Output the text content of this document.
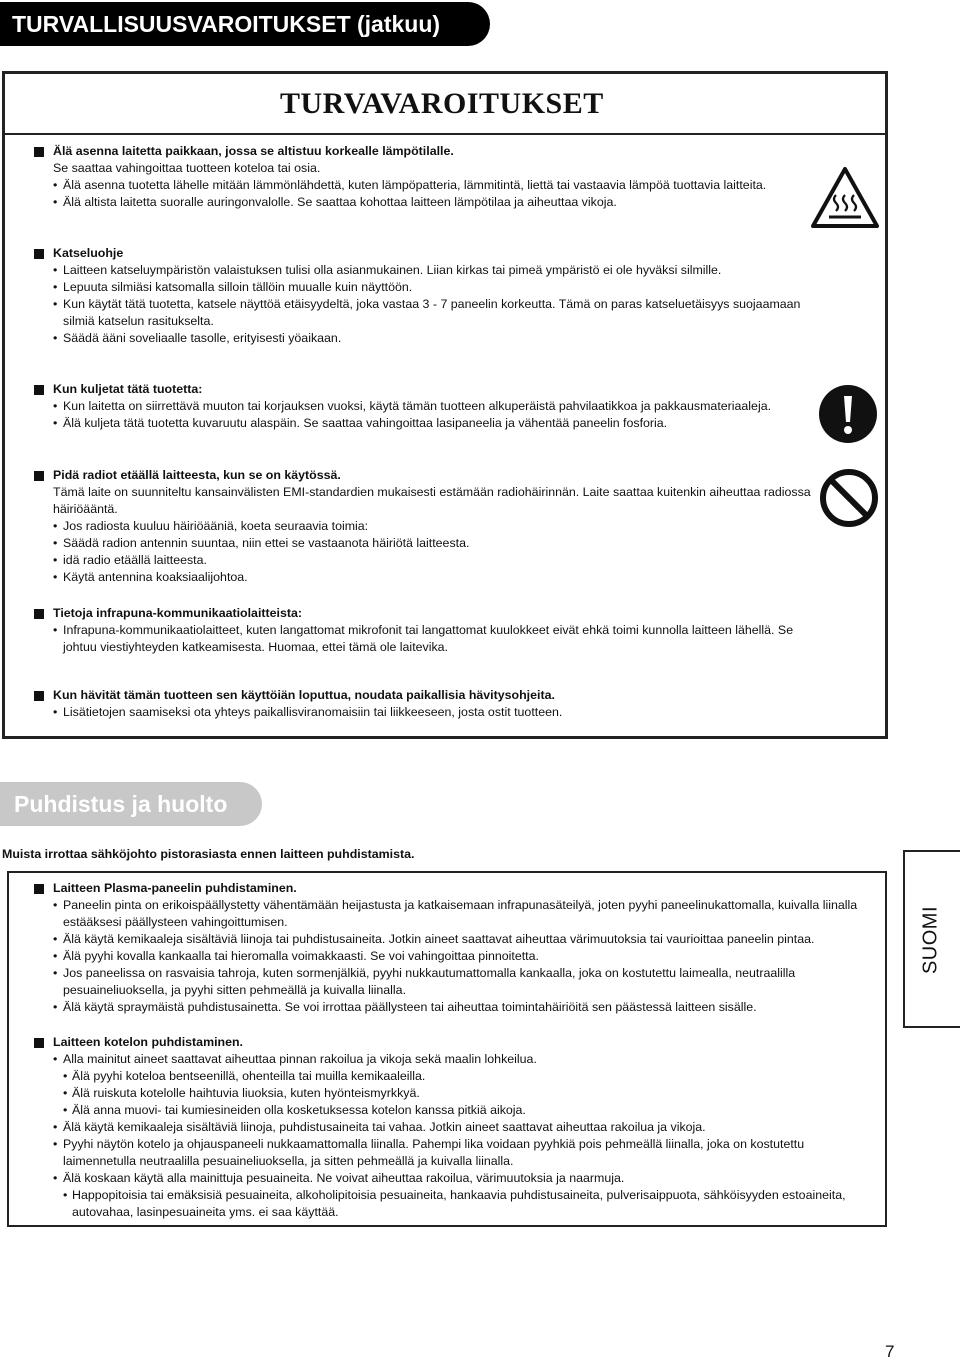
TURVALLISUUSVAROITUKSET (jatkuu)
TURVAVAROITUKSET
Älä asenna laitetta paikkaan, jossa se altistuu korkealle lämpötilalle.
Se saattaa vahingoittaa tuotteen koteloa tai osia.
• Älä asenna tuotetta lähelle mitään lämmönlähdettä, kuten lämpöpatteria, lämmitintä, liettä tai vastaavia lämpöä tuottavia laitteita.
• Älä altista laitetta suoralle auringonvalolle. Se saattaa kohottaa laitteen lämpötilaa ja aiheuttaa vikoja.
Katseluohje
• Laitteen katseluympäristön valaistuksen tulisi olla asianmukainen. Liian kirkas tai pimeä ympäristö ei ole hyväksi silmille.
• Lepuuta silmiäsi katsomalla silloin tällöin muualle kuin näyttöön.
• Kun käytät tätä tuotetta, katsele näyttöä etäisyydeltä, joka vastaa 3 - 7 paneelin korkeutta. Tämä on paras katseluetäisyys suojaamaan silmiä katselun rasitukselta.
• Säädä ääni soveliaalle tasolle, erityisesti yöaikaan.
Kun kuljetat tätä tuotetta:
• Kun laitetta on siirrettävä muuton tai korjauksen vuoksi, käytä tämän tuotteen alkuperäistä pahvilaatikkoa ja pakkausmateriaaleja.
• Älä kuljeta tätä tuotetta kuvaruutu alaspäin. Se saattaa vahingoittaa lasipaneelia ja vähentää paneelin fosforia.
Pidä radiot etäällä laitteesta, kun se on käytössä.
Tämä laite on suunniteltu kansainvälisten EMI-standardien mukaisesti estämään radiohäirinnän. Laite saattaa kuitenkin aiheuttaa radiossa häiriöääntä.
• Jos radiosta kuuluu häiriöääniä, koeta seuraavia toimia:
• Säädä radion antennin suuntaa, niin ettei se vastaanota häiriötä laitteesta.
• idä radio etäällä laitteesta.
• Käytä antennina koaksiaalijohtoa.
Tietoja infrapuna-kommunikaatiolaitteista:
• Infrapuna-kommunikaatiolaitteet, kuten langattomat mikrofonit tai langattomat kuulokkeet eivät ehkä toimi kunnolla laitteen lähellä. Se johtuu viestiyhteyden katkeamisesta. Huomaa, ettei tämä ole laitevika.
Kun hävität tämän tuotteen sen käyttöiän loputtua, noudata paikallisia hävitysohjeita.
• Lisätietojen saamiseksi ota yhteys paikallisviranomaisiin tai liikkeeseen, josta ostit tuotteen.
Puhdistus ja huolto
Muista irrottaa sähköjohto pistorasiasta ennen laitteen puhdistamista.
Laitteen Plasma-paneelin puhdistaminen.
• Paneelin pinta on erikoispäällystetty vähentämään heijastusta ja katkaisemaan infrapunasäteilyä, joten pyyhi paneelinukattomalla, kuivalla liinalla estääksesi päällysteen vahingoittumisen.
• Älä käytä kemikaaleja sisältäviä liinoja tai puhdistusaineita. Jotkin aineet saattavat aiheuttaa värimuutoksia tai vaurioittaa paneelin pintaa.
• Älä pyyhi kovalla kankaalla tai hieromalla voimakkaasti. Se voi vahingoittaa pinnoitetta.
• Jos paneelissa on rasvaisia tahroja, kuten sormenjälkiä, pyyhi nukkautumattomalla kankaalla, joka on kostutettu laimealla, neutraalilla pesuaineliuoksella, ja pyyhi sitten pehmeällä ja kuivalla liinalla.
• Älä käytä spraymäistä puhdistusainetta. Se voi irrottaa päällysteen tai aiheuttaa toimintahäiriöitä sen päästessä laitteen sisälle.
Laitteen kotelon puhdistaminen.
• Alla mainitut aineet saattavat aiheuttaa pinnan rakoilua ja vikoja sekä maalin lohkeilua.
• Älä pyyhi koteloa bentseenillä, ohenteilla tai muilla kemikaaleilla.
• Älä ruiskuta kotelolle haihtuvia liuoksia, kuten hyönteismyrkkyä.
• Älä anna muovi- tai kumiesineiden olla kosketuksessa kotelon kanssa pitkiä aikoja.
• Älä käytä kemikaaleja sisältäviä liinoja, puhdistusaineita tai vahaa. Jotkin aineet saattavat aiheuttaa rakoilua ja vikoja.
• Pyyhi näytön kotelo ja ohjauspaneeli nukkaamattomalla liinalla. Pahempi lika voidaan pyyhkiä pois pehmeällä liinalla, joka on kostutettu laimennetulla neutraalilla pesuaineliuoksella, ja sitten pehmeällä ja kuivalla liinalla.
• Älä koskaan käytä alla mainittuja pesuaineita. Ne voivat aiheuttaa rakoilua, värimuutoksia ja naarmuja.
• Happopitoisia tai emäksisiä pesuaineita, alkoholipitoisia pesuaineita, hankaavia puhdistusaineita, pulverisaippuota, sähköisyyden estoaineita, autovahaa, lasinpesuaineita yms. ei saa käyttää.
SUOMI
7
